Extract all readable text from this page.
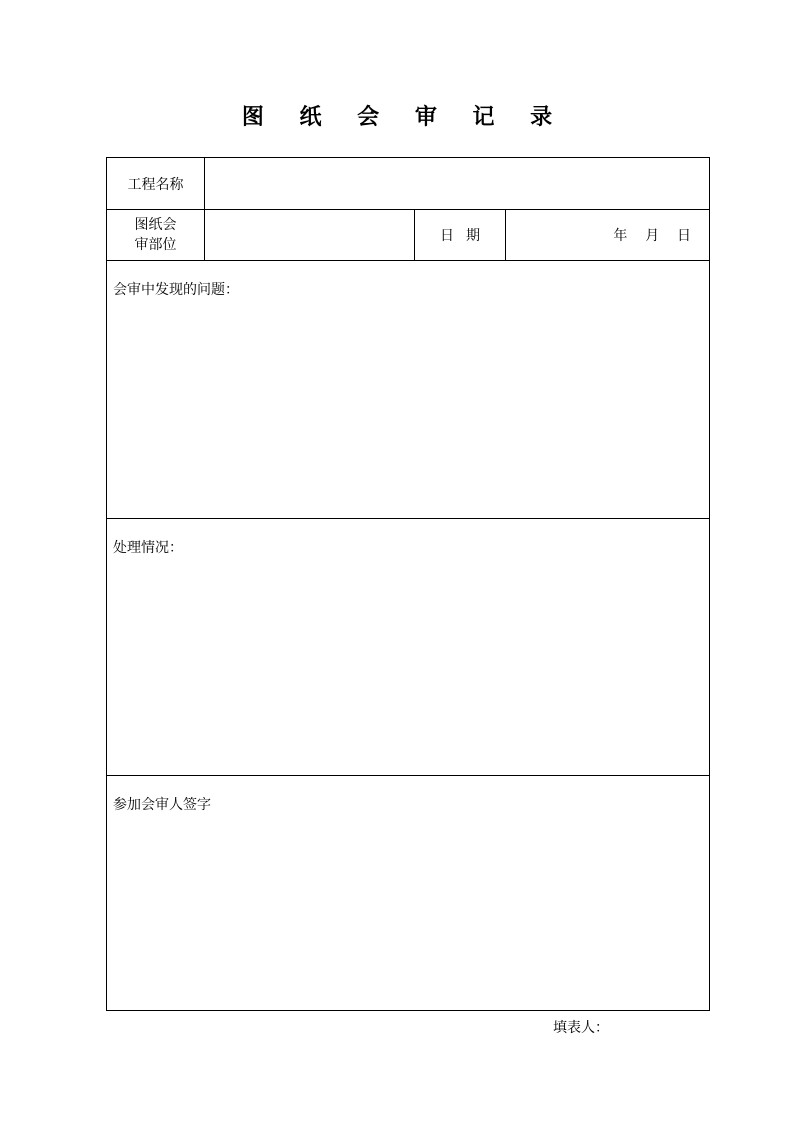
图 纸 会 审 记 录
工程名称			
图纸会
审部位		日期	年    月    日
会审中发现的问题：			
处理情况：			
参加会审人签字			
填表人：
